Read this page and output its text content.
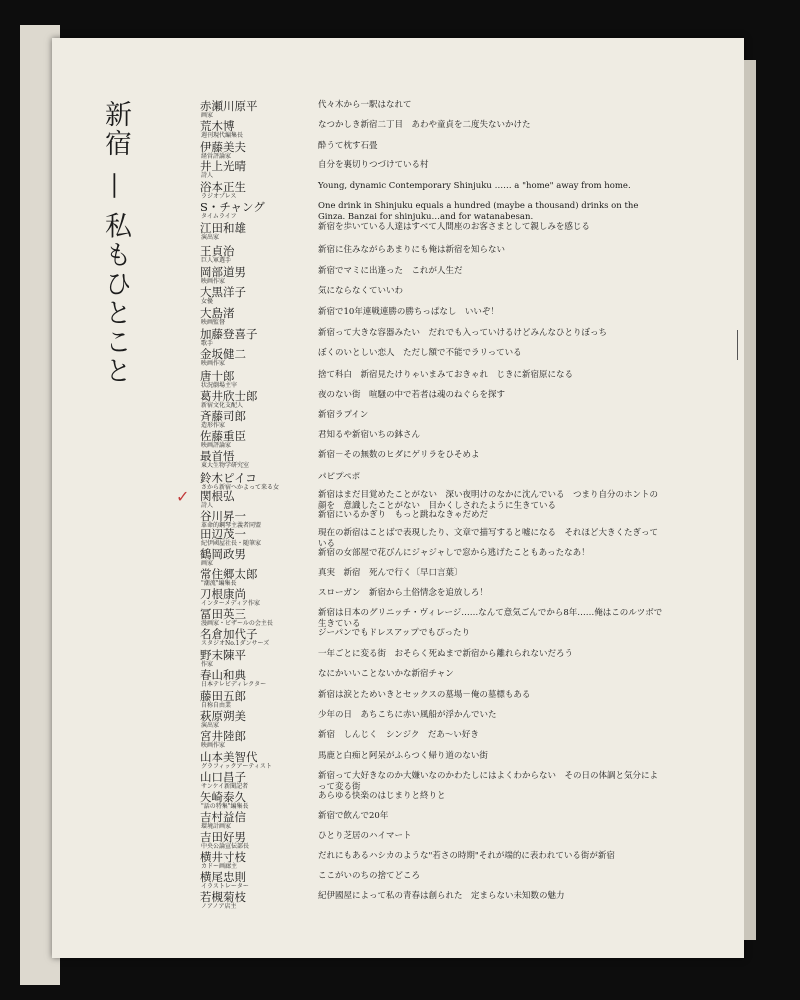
新宿— 私もひとこと
✓
赤瀬川原平
画家
代々木から一駅はなれて
荒木博
週刊現代編集長
なつかしき新宿二丁目　あわや童貞を二度失ないかけた
伊藤美夫
経営評論家
酔うて枕す石畳
井上光晴
詩人
自分を裏切りつづけている村
浴本正生
ラジオプレス
Young, dynamic Contemporary Shinjuku …… a "home" away from home.
S・チャング
タイムライフ
One drink in Shinjuku equals a hundred (maybe a thousand) drinks on the Ginza. Banzai for shinjuku…and for watanabesan.
江田和雄
演出家
新宿を歩いている人達はすべて人間座のお客さまとして親しみを感じる
王貞治
巨人軍選手
新宿に住みながらあまりにも俺は新宿を知らない
岡部道男
映画作家
新宿でマミに出逢った　これが人生だ
大黒洋子
女優
気にならなくていいわ
大島渚
映画監督
新宿で10年連戦連勝の勝ちっぱなし　いいぞ！
加藤登喜子
歌手
新宿って大きな容器みたい　だれでも入っていけるけどみんなひとりぼっち
金坂健二
映画作家
ぼくのいとしい恋人　ただし額で不能でラリっている
唐十郎
状況劇場主宰
捨て科白　新宿見たけりゃいまみておきゃれ　じきに新宿原になる
葛井欣士郎
新宿文化支配人
夜のない街　喧騒の中で若者は魂のねぐらを探す
斉藤司郎
造形作家
新宿ラプイン
佐藤重臣
映画評論家
君知るや新宿いちの鉢さん
最首悟
東大生物学研究室
新宿－その無数のヒダにゲリラをひそめよ
鈴木ピイコ
さから新宿へかよって来る女
パピプペポ
関根弘
詩人
新宿はまだ目覚めたことがない　深い夜明けのなかに沈んでいる　つまり自分のホントの顔を　意識したことがない　目かくしされたように生きている
谷川昇一
革命的鋼琴主義者同盟
新宿にいるかぎり　もっと跳ねなきゃだめだ
田辺茂一
紀伊國屋社長・随筆家
現在の新宿はことばで表現したり、文章で描写すると嘘になる　それほど大きくたぎっている
鶴岡政男
画家
新宿の女部屋で花びんにジャジャしで窓から逃げたこともあったなあ！
常住郷太郎
"潮流"編集長
真実　新宿　死んで行く〔早口言葉〕
刀根康尚
インターメディア作家
スローガン　新宿から土俗情念を追放しろ！
冨田英三
漫画家・ビザールの会主長
新宿は日本のグリニッチ・ヴィレージ……なんて意気ごんでから8年……俺はこのルツボで生きている
名倉加代子
スタジオNo.1ダンサーズ
ジーパンでもドレスアップでもぴったり
野末陳平
作家
一年ごとに変る街　おそらく死ぬまで新宿から離れられないだろう
春山和典
日本テレビディレクター
なにかいいことないかな新宿チャン
藤田五郎
自称自由業
新宿は涙とためいきとセックスの墓場－俺の墓標もある
萩原朔美
演出家
少年の日　あちこちに赤い風船が浮かんでいた
宮井陸郎
映画作家
新宿　しんじく　シンジク　だあ～い好き
山本美智代
グラフィックアーティスト
馬鹿と白痴と阿呆がふらつく帰り道のない街
山口昌子
サンケイ新聞記者
新宿って大好きなのか大嫌いなのかわたしにはよくわからない　その日の体調と気分によって変る街
矢崎泰久
"話の特集"編集長
あらゆる快楽のはじまりと終りと
吉村益信
環境計画家
新宿で飲んで20年
吉田好男
中央公論宣伝部長
ひとり芝居のハイマート
横井寸枝
カドー画廊主
だれにもあるハシカのような"若さの時期"それが端的に表われている街が新宿
横尾忠則
イラストレーター
ここがいのちの捨てどころ
若槻菊枝
ノアノア店主
紀伊國屋によって私の青春は創られた　定まらない未知数の魅力
